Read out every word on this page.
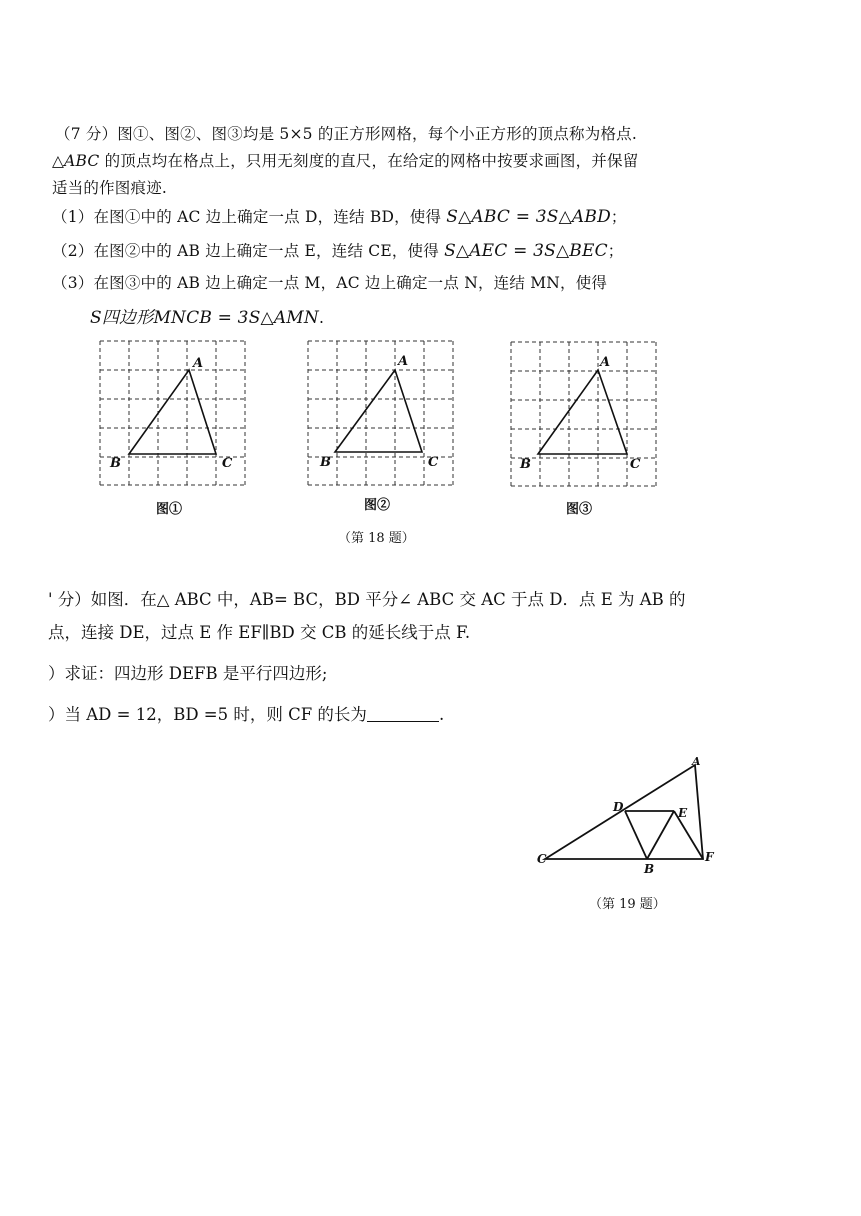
（7 分）图①、图②、图③均是 5×5 的正方形网格，每个小正方形的顶点称为格点.
△ABC 的顶点均在格点上，只用无刻度的直尺，在给定的网格中按要求画图，并保留
适当的作图痕迹.
（1）在图①中的 AC 边上确定一点 D，连结 BD，使得 S△ABC = 3S△ABD；
（2）在图②中的 AB 边上确定一点 E，连结 CE，使得 S△AEC = 3S△BEC；
（3）在图③中的 AB 边上确定一点 M，AC 边上确定一点 N，连结 MN，使得
S四边形MNCB = 3S△AMN.
A
B	C
图①
A
B	C
图②
A
B	C
图③
（第 18 题）
' 分）如图．在△ ABC 中，AB= BC，BD 平分∠ ABC 交 AC 于点 D．点 E 为 AB 的
点，连接 DE，过点 E 作 EF∥BD 交 CB 的延长线于点 F.
）求证：四边形 DEFB 是平行四边形;
）当 AD = 12，BD =5 时，则 CF 的长为	.
A
D	E
C
B
F
（第 19 题）
